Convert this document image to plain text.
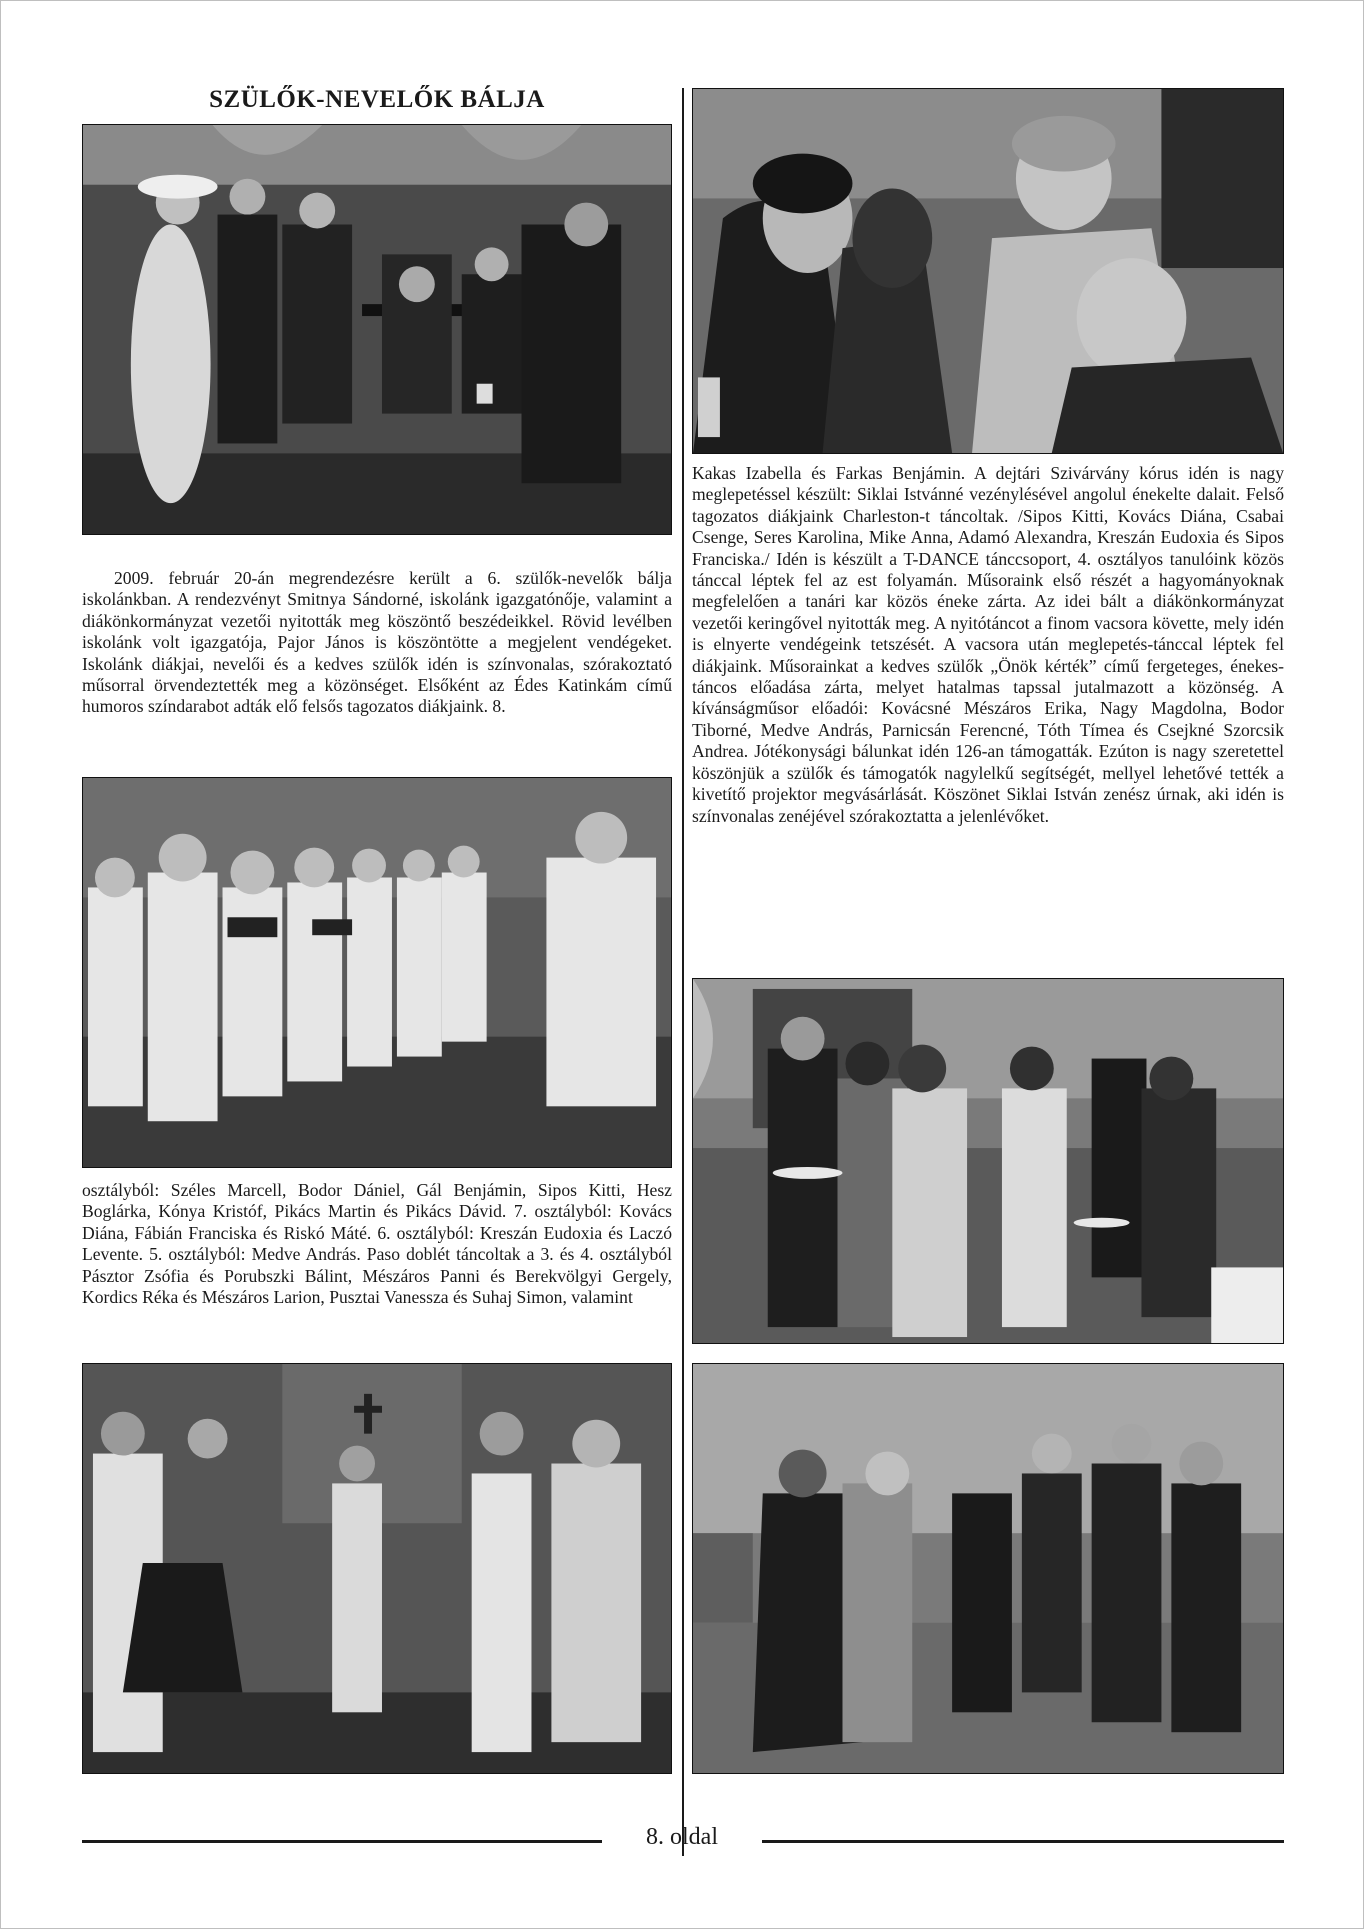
SZÜLŐK-NEVELŐK BÁLJA

2009. február 20-án megrendezésre került a 6. szülők-nevelők bálja iskolánkban. A rendezvényt Smitnya Sándorné, iskolánk igazgatónője, valamint a diákönkormányzat vezetői nyitották meg köszöntő beszédeikkel. Rövid levélben iskolánk volt igazgatója, Pajor János is köszöntötte a megjelent vendégeket. Iskolánk diákjai, nevelői és a kedves szülők idén is színvonalas, szórakoztató műsorral örvendeztették meg a közönséget. Elsőként az Édes Katinkám című humoros színdarabot adták elő felsős tagozatos diákjaink. 8.

osztályból: Széles Marcell, Bodor Dániel, Gál Benjámin, Sipos Kitti, Hesz Boglárka, Kónya Kristóf, Pikács Martin és Pikács Dávid. 7. osztályból: Kovács Diána, Fábián Franciska és Riskó Máté. 6. osztályból: Kreszán Eudoxia és Laczó Levente. 5. osztályból: Medve András. Paso doblét táncoltak a 3. és 4. osztályból Pásztor Zsófia és Porubszki Bálint, Mészáros Panni és Berekvölgyi Gergely, Kordics Réka és Mészáros Larion, Pusztai Vanessza és Suhaj Simon, valamint

Kakas Izabella és Farkas Benjámin. A dejtári Szivárvány kórus idén is nagy meglepetéssel készült: Siklai Istvánné vezénylésével angolul énekelte dalait. Felső tagozatos diákjaink Charleston-t táncoltak. /Sipos Kitti, Kovács Diána, Csabai Csenge, Seres Karolina, Mike Anna, Adamó Alexandra, Kreszán Eudoxia és Sipos Franciska./ Idén is készült a T-DANCE tánccsoport, 4. osztályos tanulóink közös tánccal léptek fel az est folyamán. Műsoraink első részét a hagyományoknak megfelelően a tanári kar közös éneke zárta. Az idei bált a diákönkormányzat vezetői keringővel nyitották meg. A nyitótáncot a finom vacsora követte, mely idén is elnyerte vendégeink tetszését. A vacsora után meglepetés-tánccal léptek fel diákjaink. Műsorainkat a kedves szülők „Önök kérték” című fergeteges, énekes-táncos előadása zárta, melyet hatalmas tapssal jutalmazott a közönség. A kívánságműsor előadói: Kovácsné Mészáros Erika, Nagy Magdolna, Bodor Tiborné, Medve András, Parnicsán Ferencné, Tóth Tímea és Csejkné Szorcsik Andrea. Jótékonysági bálunkat idén 126-an támogatták. Ezúton is nagy szeretettel köszönjük a szülők és támogatók nagylelkű segítségét, mellyel lehetővé tették a kivetítő projektor megvásárlását. Köszönet Siklai István zenész úrnak, aki idén is színvonalas zenéjével szórakoztatta a jelenlévőket.

8. oldal
